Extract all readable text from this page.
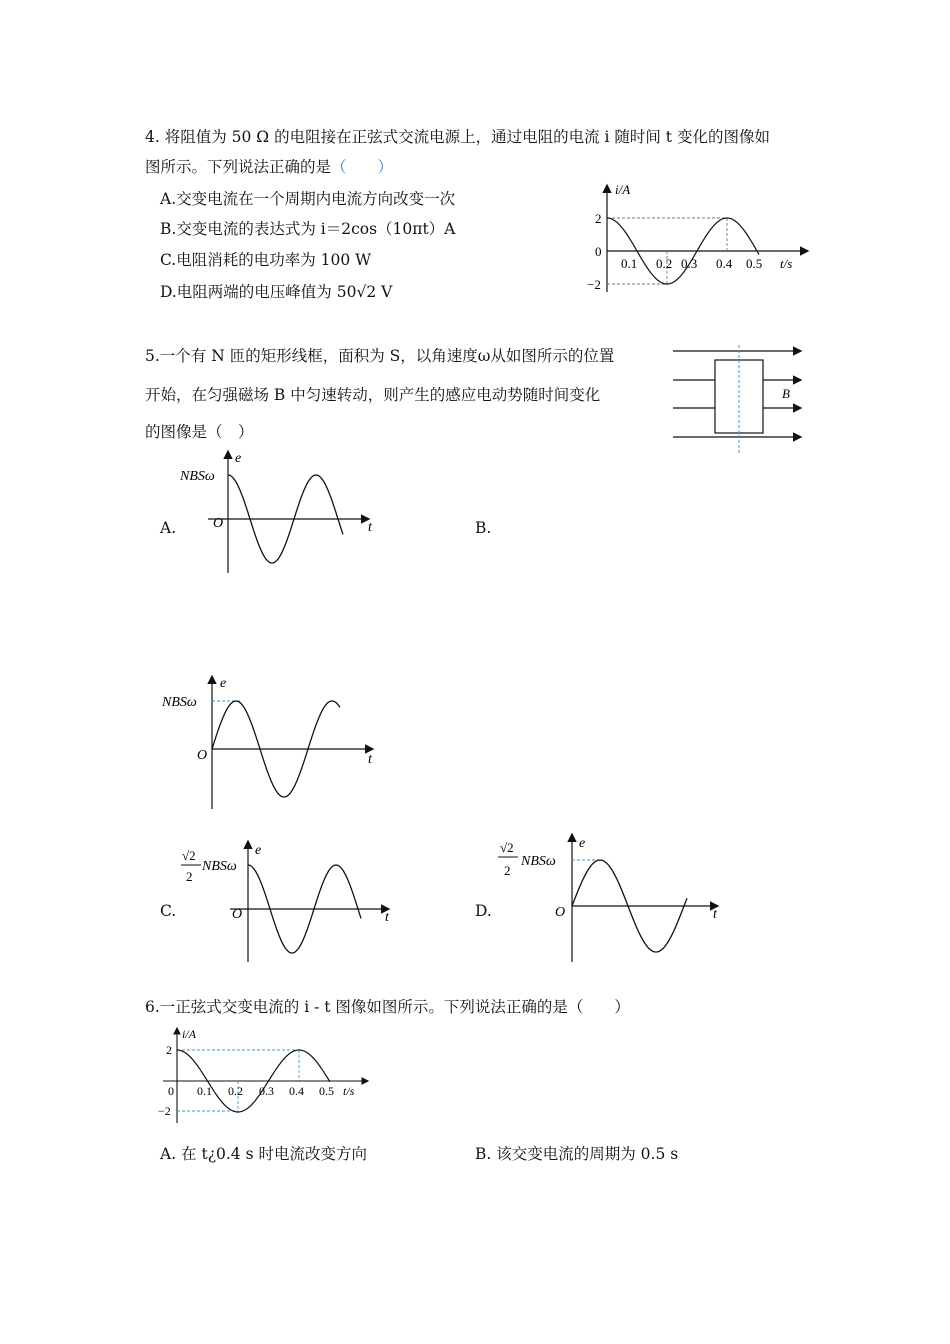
4. 将阻值为 50 Ω 的电阻接在正弦式交流电源上，通过电阻的电流 i 随时间 t 变化的图像如
图所示。下列说法正确的是（　　）
A.交变电流在一个周期内电流方向改变一次
B.交变电流的表达式为 i＝2cos（10πt）A
C.电阻消耗的电功率为 100 W
D.电阻两端的电压峰值为 50√2 V
i/A
t/s
2
0
−2
0.1 0.2 0.3 0.4 0.5
5.一个有 N 匝的矩形线框，面积为 S，以角速度ω从如图所示的位置
开始，在匀强磁场 B 中匀速转动，则产生的感应电动势随时间变化
的图像是（　）
B
A.
e
t
O
NBSω
B.
e
t
O
NBSω
C.
e
t
O
√2
2
NBSω
D.
e
t
O
√2
2
NBSω
6.一正弦式交变电流的 i - t 图像如图所示。下列说法正确的是（　　）
i/A
t/s
2
0
−2
0.1 0.2 0.3 0.4 0.5
A. 在 t¿0.4 s 时电流改变方向	B. 该交变电流的周期为 0.5 s
